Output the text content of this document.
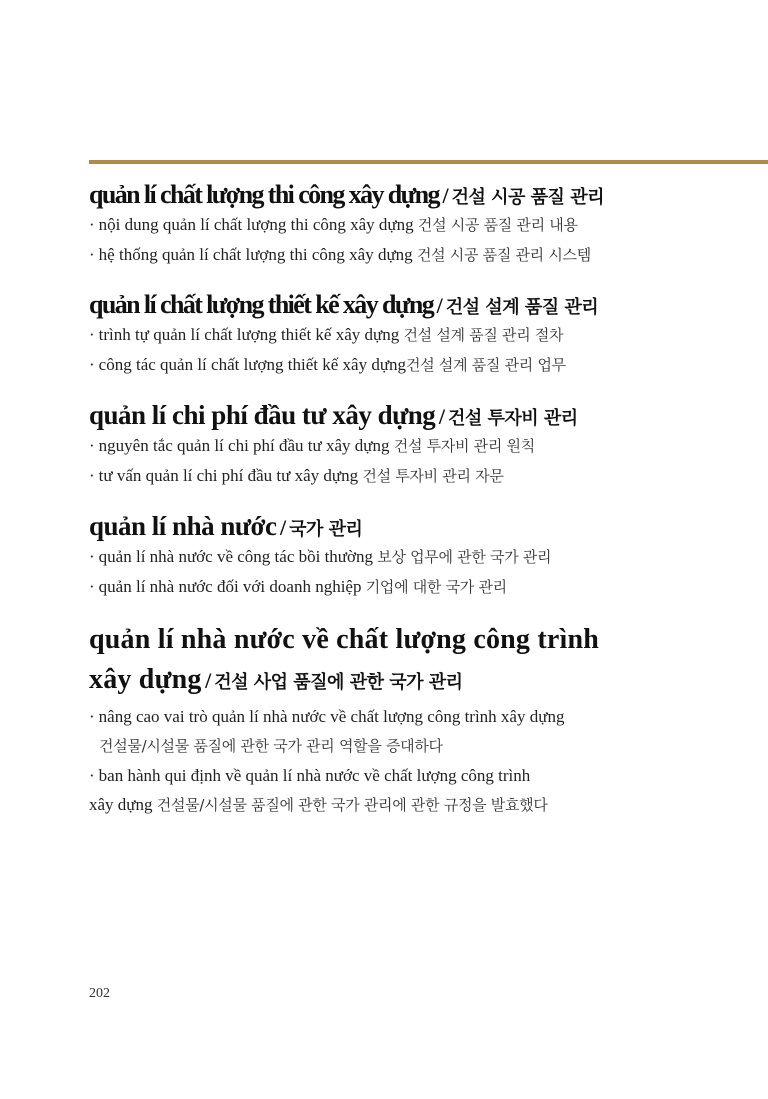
quản lí chất lượng thi công xây dựng / 건설 시공 품질 관리
· nội dung quản lí chất lượng thi công xây dựng 건설 시공 품질 관리 내용
· hệ thống quản lí chất lượng thi công xây dựng 건설 시공 품질 관리 시스템
quản lí chất lượng thiết kế xây dựng / 건설 설계 품질 관리
· trình tự quản lí chất lượng thiết kế xây dựng 건설 설계 품질 관리 절차
· công tác quản lí chất lượng thiết kế xây dựng건설 설계 품질 관리 업무
quản lí chi phí đầu tư xây dựng / 건설 투자비 관리
· nguyên tắc quản lí chi phí đầu tư xây dựng 건설 투자비 관리 원칙
· tư vấn quản lí chi phí đầu tư xây dựng 건설 투자비 관리 자문
quản lí nhà nước / 국가 관리
· quản lí nhà nước về công tác bồi thường 보상 업무에 관한 국가 관리
· quản lí nhà nước đối với doanh nghiệp 기업에 대한 국가 관리
quản lí nhà nước về chất lượng công trình
xây dựng / 건설 사업 품질에 관한 국가 관리
· nâng cao vai trò quản lí nhà nước về chất lượng công trình xây dựng
건설물/시설물 품질에 관한 국가 관리 역할을 증대하다
· ban hành qui định về quản lí nhà nước về chất lượng công trình
xây dựng 건설물/시설물 품질에 관한 국가 관리에 관한 규정을 발효했다
202
